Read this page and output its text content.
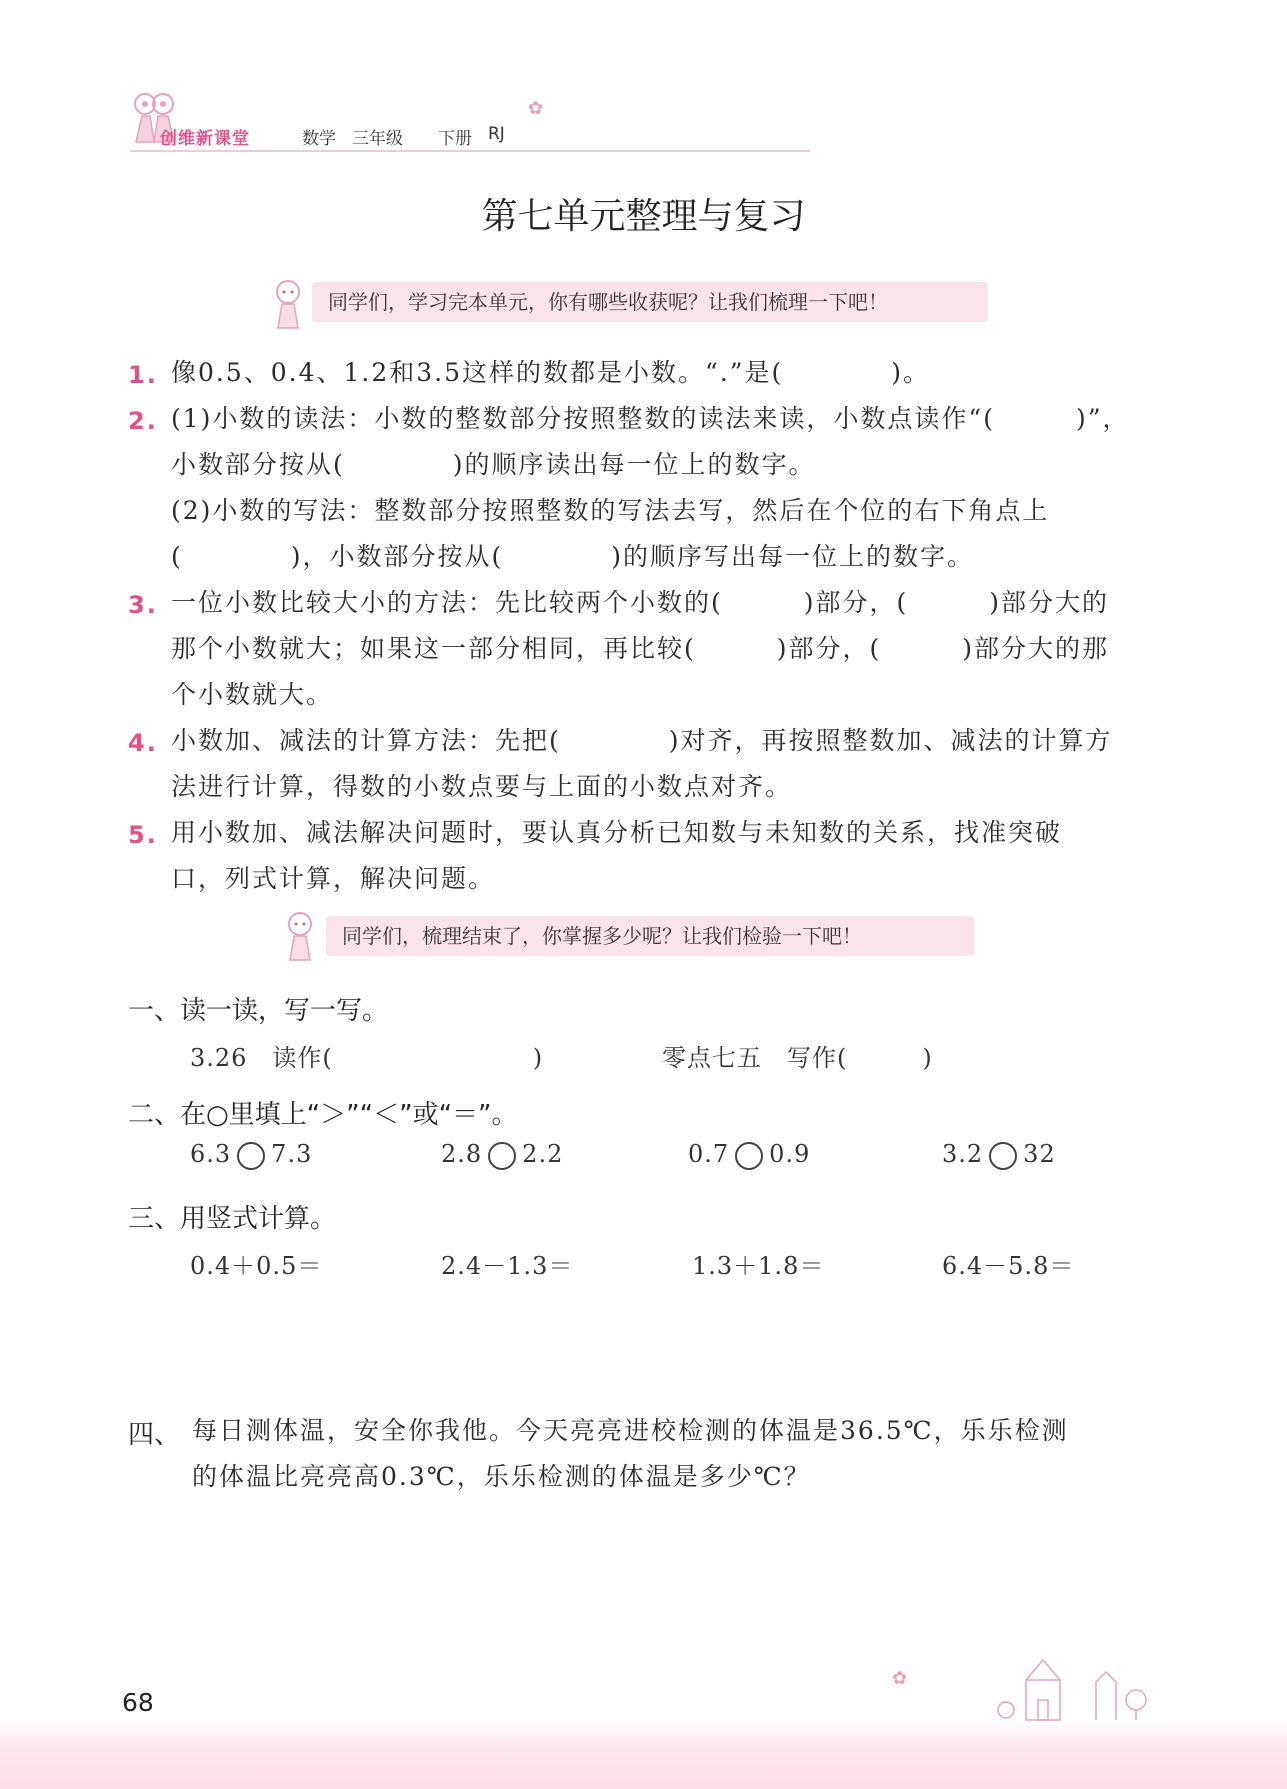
创维新课堂	数学 三年级 下册 RJ
✿
第七单元整理与复习
同学们，学习完本单元，你有哪些收获呢？让我们梳理一下吧！
1. 像0.5、0.4、1.2和3.5这样的数都是小数。“.”是(　　　　)。
2. (1)小数的读法：小数的整数部分按照整数的读法来读，小数点读作“(　　　)”，
小数部分按从(　　　　)的顺序读出每一位上的数字。
(2)小数的写法：整数部分按照整数的写法去写，然后在个位的右下角点上
(　　　　)，小数部分按从(　　　　)的顺序写出每一位上的数字。
3. 一位小数比较大小的方法：先比较两个小数的(　　　)部分，(　　　)部分大的
那个小数就大；如果这一部分相同，再比较(　　　)部分，(　　　)部分大的那
个小数就大。
4. 小数加、减法的计算方法：先把(　　　　)对齐，再按照整数加、减法的计算方
法进行计算，得数的小数点要与上面的小数点对齐。
5. 用小数加、减法解决问题时，要认真分析已知数与未知数的关系，找准突破
口，列式计算，解决问题。
同学们，梳理结束了，你掌握多少呢？让我们检验一下吧！
一、读一读，写一写。
3.26　读作(　　　　　　　　)	零点七五　写作(　　　)
二、在○里填上“＞”“＜”或“＝”。
6.3 7.3	2.8 2.2	0.7 0.9	3.2 32
三、用竖式计算。
0.4＋0.5＝	2.4－1.3＝	1.3＋1.8＝	6.4－5.8＝
四、 每日测体温，安全你我他。今天亮亮进校检测的体温是36.5℃，乐乐检测
的体温比亮亮高0.3℃，乐乐检测的体温是多少℃？
68
✿
